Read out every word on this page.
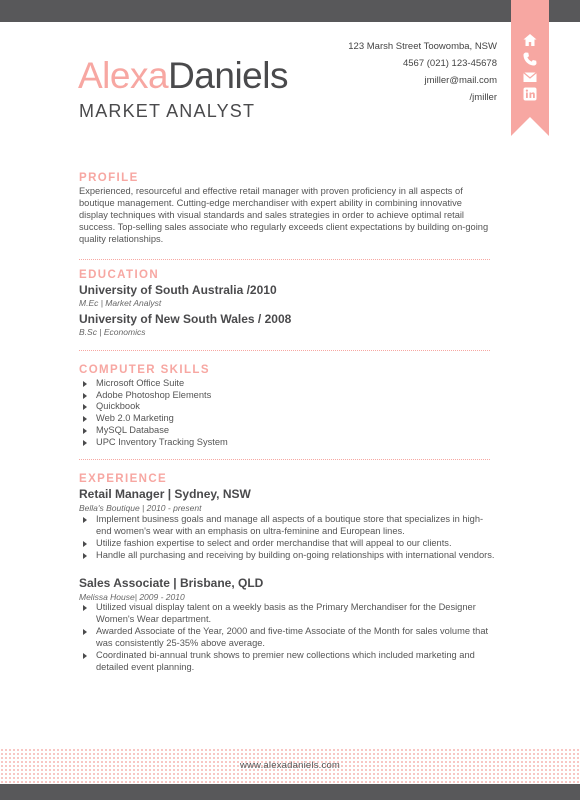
123 Marsh Street Toowomba, NSW
4567 (021) 123-45678
jmiller@mail.com
/jmiller
AlexaDaniels
MARKET ANALYST
PROFILE
Experienced, resourceful and effective retail manager with proven proficiency in all aspects of boutique management. Cutting-edge merchandiser with expert ability in combining innovative display techniques with visual standards and sales strategies in order to achieve optimal retail success. Top-selling sales associate who regularly exceeds client expectations by building on-going quality relationships.
EDUCATION
University of South Australia /2010
M.Ec | Market Analyst
University of New South Wales / 2008
B.Sc | Economics
COMPUTER SKILLS
Microsoft Office Suite
Adobe Photoshop Elements
Quickbook
Web 2.0 Marketing
MySQL Database
UPC Inventory Tracking System
EXPERIENCE
Retail Manager | Sydney, NSW
Bella's Boutique | 2010 - present
Implement business goals and manage all aspects of a boutique store that specializes in high-end women's wear with an emphasis on ultra-feminine and European lines.
Utilize fashion expertise to select and order merchandise that will appeal to our clients.
Handle all purchasing and receiving by building on-going relationships with international vendors.
Sales Associate | Brisbane, QLD
Melissa House| 2009 - 2010
Utilized visual display talent on a weekly basis as the Primary Merchandiser for the Designer Women's Wear department.
Awarded Associate of the Year, 2000 and five-time Associate of the Month for sales volume that was consistently 25-35% above average.
Coordinated bi-annual trunk shows to premier new collections which included marketing and detailed event planning.
www.alexadaniels.com
